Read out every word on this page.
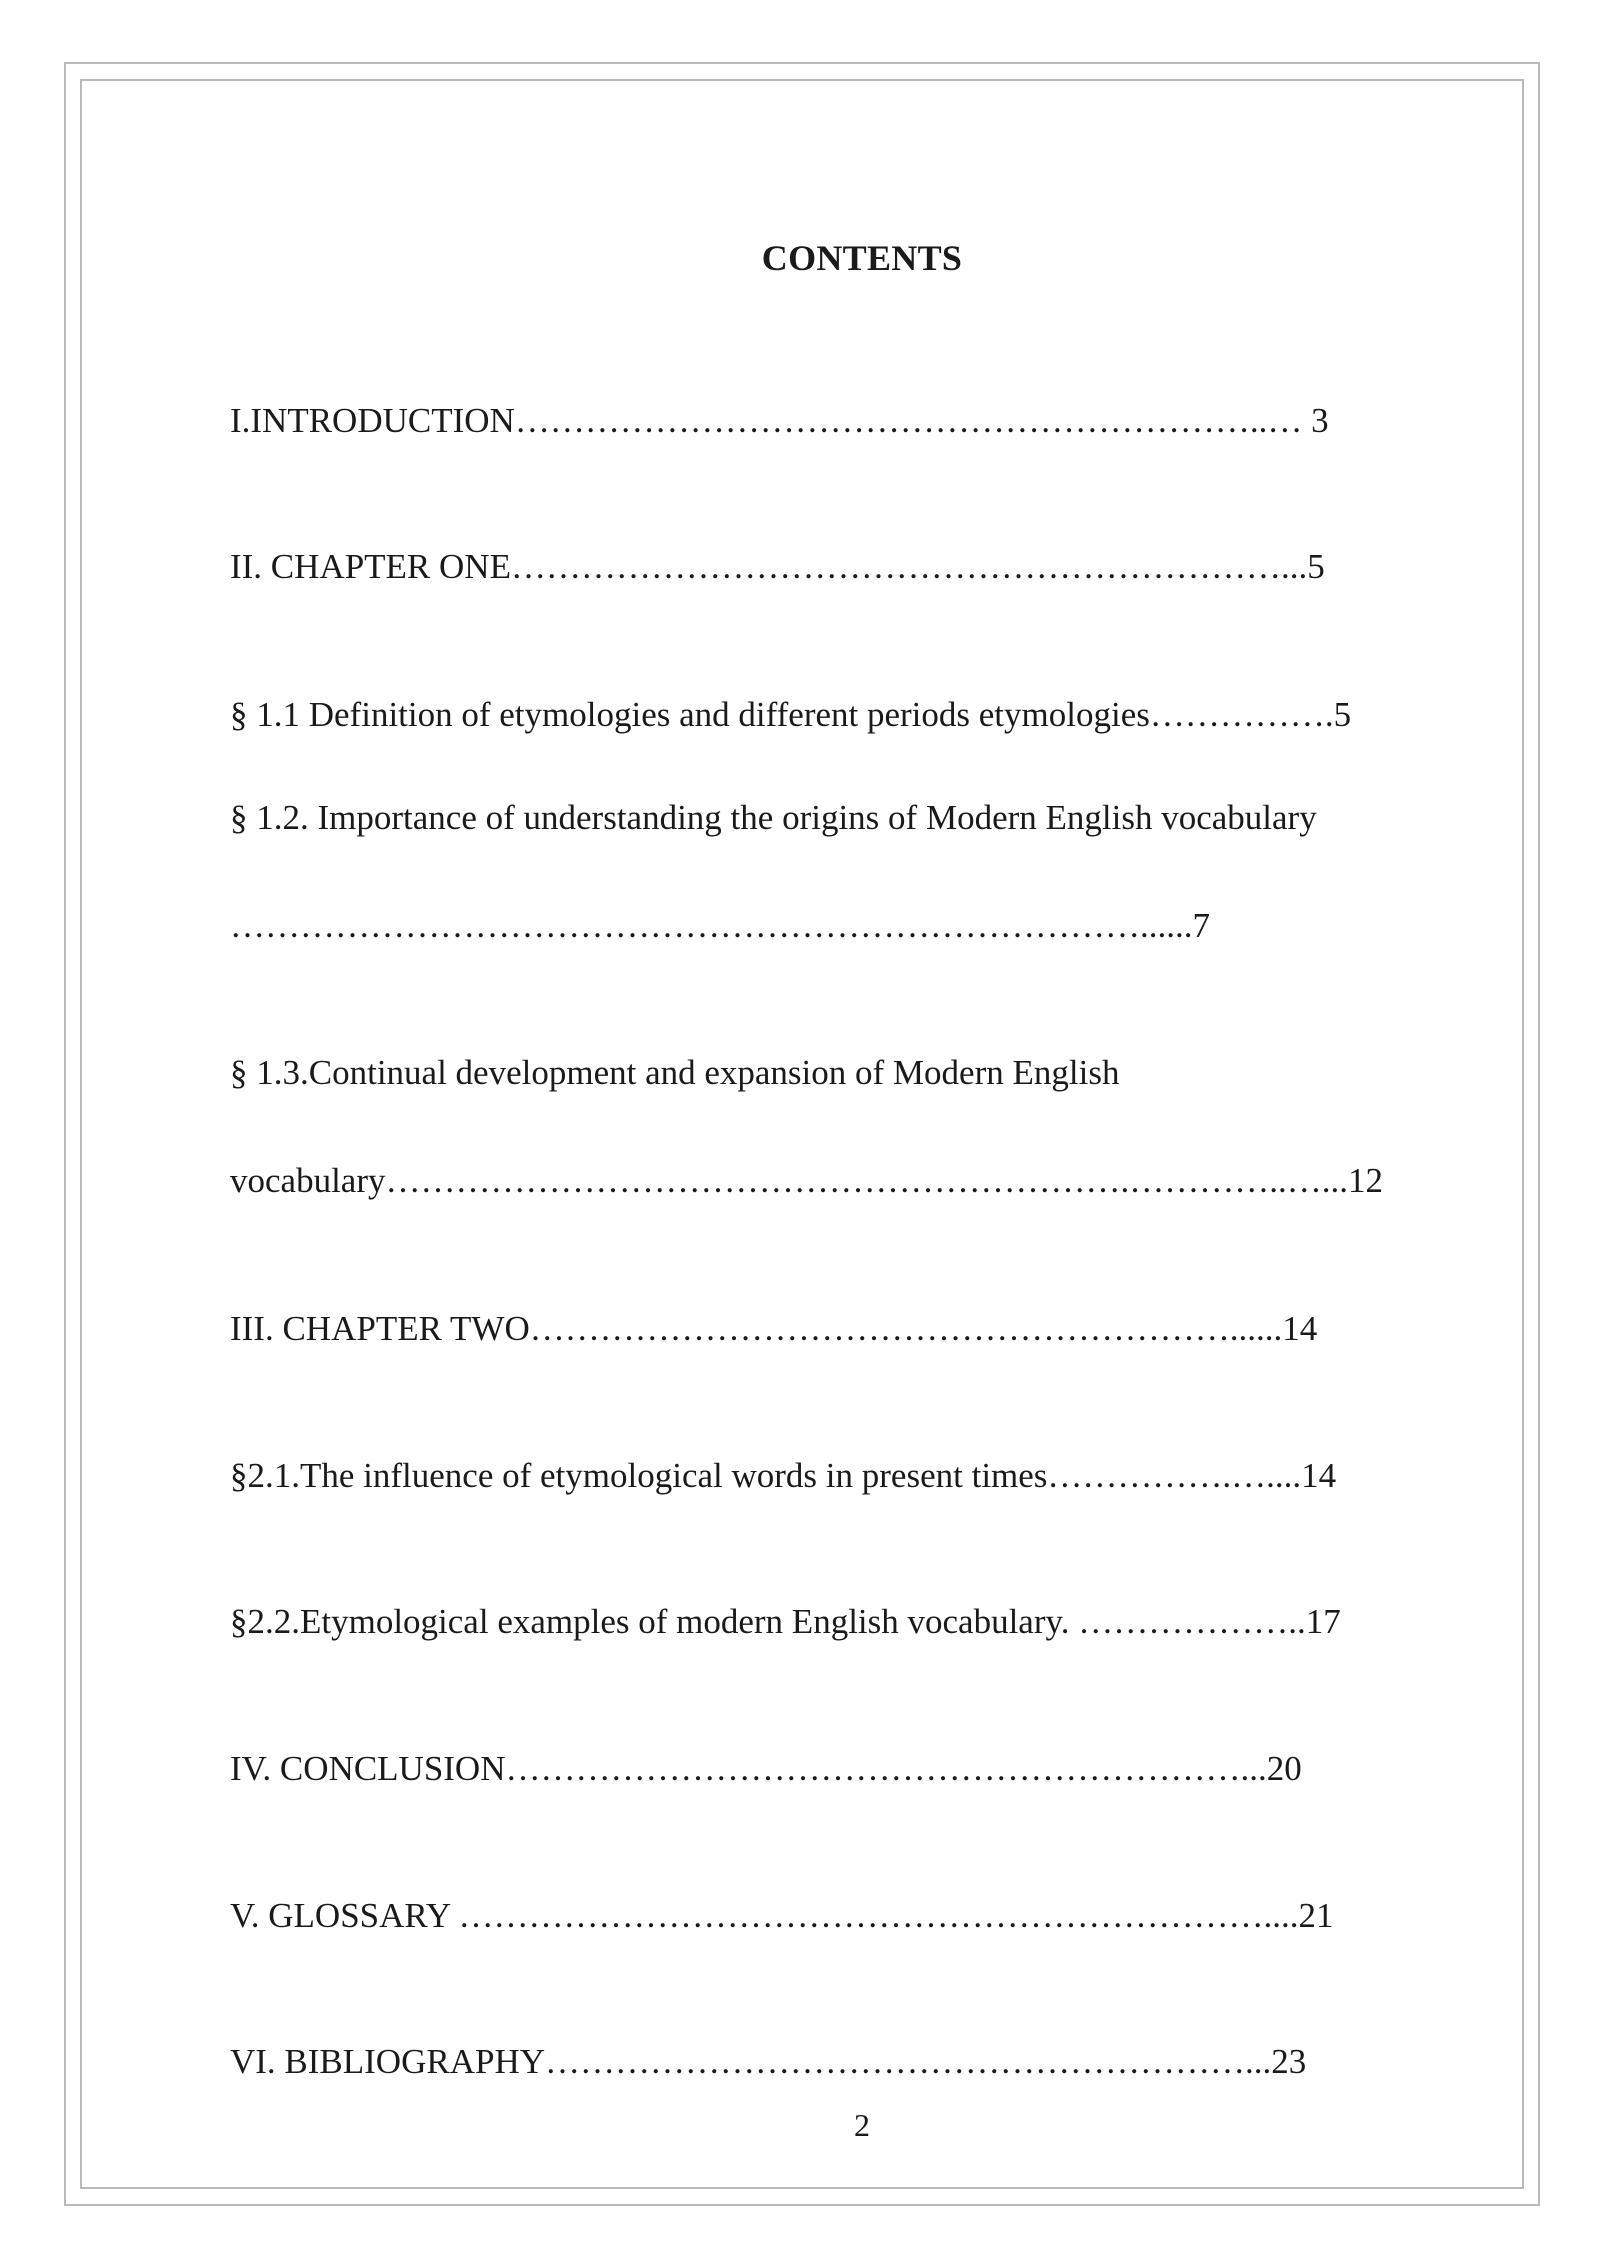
CONTENTS
I.INTRODUCTION………………………………………………………..… 3
II. CHAPTER ONE…………………………………………………………...5
§ 1.1 Definition of etymologies and different periods etymologies…………….5
§ 1.2. Importance of understanding the origins of Modern English vocabulary
……………………………………………………………………......7
§ 1.3.Continual development and expansion of Modern English
vocabulary……………………………………………………….…………..…...12
III. CHAPTER TWO……………………………………………………......14
§2.1.The influence of etymological words in present times…………….…....14
§2.2.Etymological examples of modern English vocabulary. ………………..17
IV. CONCLUSION………………………………………………………...20
V. GLOSSARY ……………………………………………………………....21
VI. BIBLIOGRAPHY……………………………………………………...23
2
